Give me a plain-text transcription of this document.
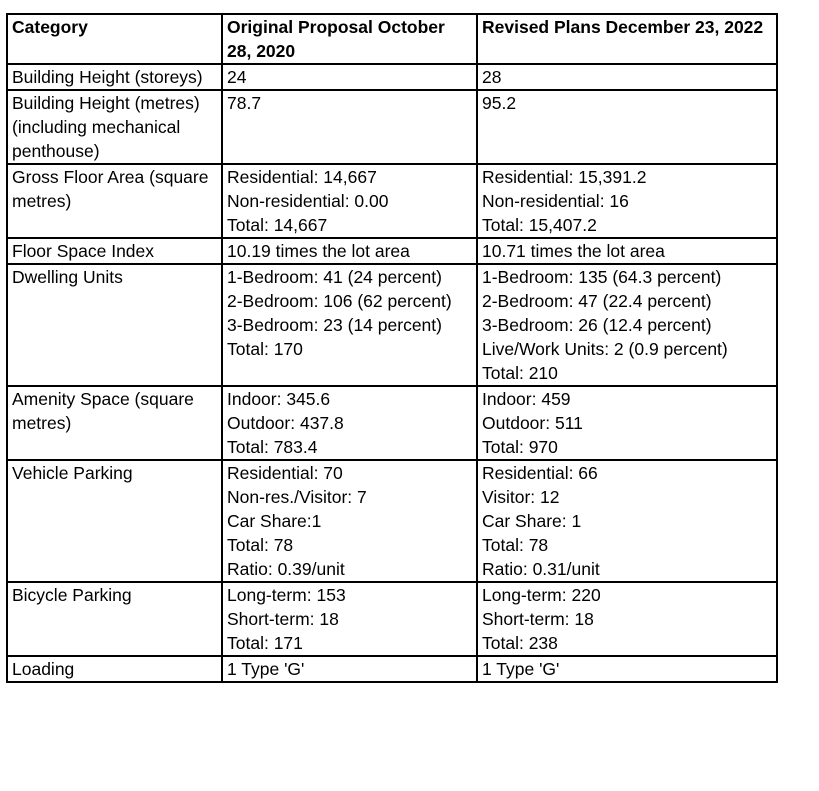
Category	Original Proposal October 28, 2020	Revised Plans December 23, 2022
Building Height (storeys)	24	28

Building Height (metres) (including mechanical penthouse)	78.7	95.2

Gross Floor Area (square metres)	Residential: 14,667
Non-residential: 0.00
Total: 14,667	Residential: 15,391.2
Non-residential: 16
Total: 15,407.2

Floor Space Index	10.19 times the lot area	10.71 times the lot area

Dwelling Units	1-Bedroom: 41 (24 percent)
2-Bedroom: 106 (62 percent)
3-Bedroom: 23 (14 percent)
Total: 170	1-Bedroom: 135 (64.3 percent)
2-Bedroom: 47 (22.4 percent)
3-Bedroom: 26 (12.4 percent)
Live/Work Units: 2 (0.9 percent)
Total: 210

Amenity Space (square metres)	Indoor: 345.6
Outdoor: 437.8
Total: 783.4	Indoor: 459
Outdoor: 511
Total: 970

Vehicle Parking	Residential: 70
Non-res./Visitor: 7
Car Share:1
Total: 78
Ratio: 0.39/unit	Residential: 66
Visitor: 12
Car Share: 1
Total: 78
Ratio: 0.31/unit

Bicycle Parking	Long-term: 153
Short-term: 18
Total: 171	Long-term: 220
Short-term: 18
Total: 238

Loading	1 Type 'G'	1 Type 'G'
